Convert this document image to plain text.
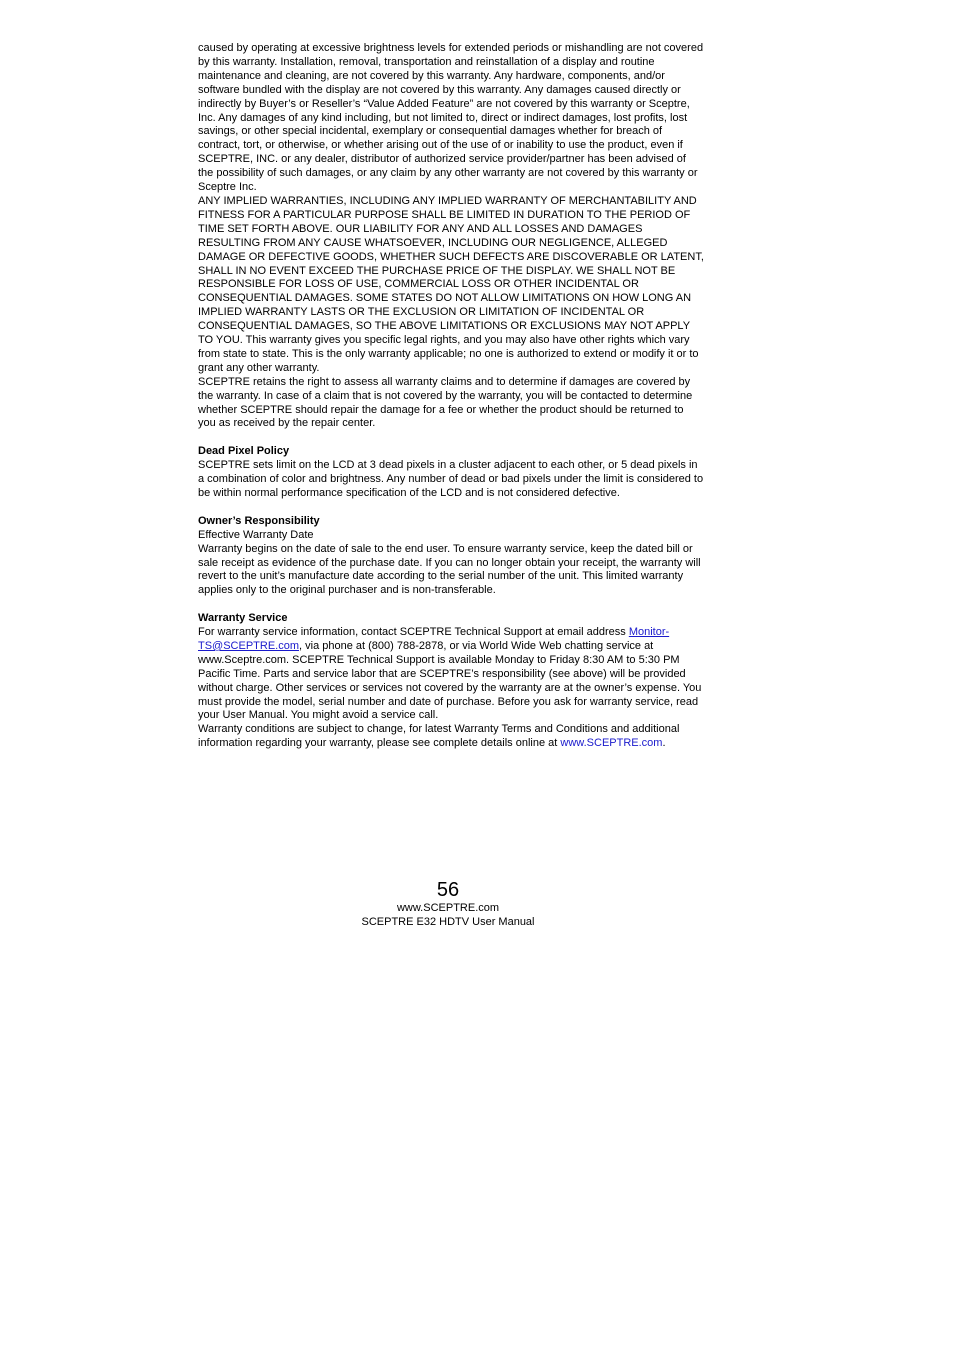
caused by operating at excessive brightness levels for extended periods or mishandling are not covered by this warranty. Installation, removal, transportation and reinstallation of a display and routine maintenance and cleaning, are not covered by this warranty. Any hardware, components, and/or software bundled with the display are not covered by this warranty. Any damages caused directly or indirectly by Buyer’s or Reseller’s “Value Added Feature” are not covered by this warranty or Sceptre, Inc. Any damages of any kind including, but not limited to, direct or indirect damages, lost profits, lost savings, or other special incidental, exemplary or consequential damages whether for breach of contract, tort, or otherwise, or whether arising out of the use of or inability to use the product, even if SCEPTRE, INC. or any dealer, distributor of authorized service provider/partner has been advised of the possibility of such damages, or any claim by any other warranty are not covered by this warranty or Sceptre Inc.

ANY IMPLIED WARRANTIES, INCLUDING ANY IMPLIED WARRANTY OF MERCHANTABILITY AND FITNESS FOR A PARTICULAR PURPOSE SHALL BE LIMITED IN DURATION TO THE PERIOD OF TIME SET FORTH ABOVE. OUR LIABILITY FOR ANY AND ALL LOSSES AND DAMAGES RESULTING FROM ANY CAUSE WHATSOEVER, INCLUDING OUR NEGLIGENCE, ALLEGED DAMAGE OR DEFECTIVE GOODS, WHETHER SUCH DEFECTS ARE DISCOVERABLE OR LATENT, SHALL IN NO EVENT EXCEED THE PURCHASE PRICE OF THE DISPLAY. WE SHALL NOT BE RESPONSIBLE FOR LOSS OF USE, COMMERCIAL LOSS OR OTHER INCIDENTAL OR CONSEQUENTIAL DAMAGES. SOME STATES DO NOT ALLOW LIMITATIONS ON HOW LONG AN IMPLIED WARRANTY LASTS OR THE EXCLUSION OR LIMITATION OF INCIDENTAL OR CONSEQUENTIAL DAMAGES, SO THE ABOVE LIMITATIONS OR EXCLUSIONS MAY NOT APPLY TO YOU. This warranty gives you specific legal rights, and you may also have other rights which vary from state to state. This is the only warranty applicable; no one is authorized to extend or modify it or to grant any other warranty.

SCEPTRE retains the right to assess all warranty claims and to determine if damages are covered by the warranty. In case of a claim that is not covered by the warranty, you will be contacted to determine whether SCEPTRE should repair the damage for a fee or whether the product should be returned to you as received by the repair center.

Dead Pixel Policy

SCEPTRE sets limit on the LCD at 3 dead pixels in a cluster adjacent to each other, or 5 dead pixels in a combination of color and brightness. Any number of dead or bad pixels under the limit is considered to be within normal performance specification of the LCD and is not considered defective.

Owner’s Responsibility

Effective Warranty Date

Warranty begins on the date of sale to the end user. To ensure warranty service, keep the dated bill or sale receipt as evidence of the purchase date. If you can no longer obtain your receipt, the warranty will revert to the unit’s manufacture date according to the serial number of the unit. This limited warranty applies only to the original purchaser and is non-transferable.

Warranty Service

For warranty service information, contact SCEPTRE Technical Support at email address Monitor-TS@SCEPTRE.com, via phone at (800) 788-2878, or via World Wide Web chatting service at www.Sceptre.com. SCEPTRE Technical Support is available Monday to Friday 8:30 AM to 5:30 PM Pacific Time. Parts and service labor that are SCEPTRE’s responsibility (see above) will be provided without charge. Other services or services not covered by the warranty are at the owner’s expense. You must provide the model, serial number and date of purchase. Before you ask for warranty service, read your User Manual. You might avoid a service call.

Warranty conditions are subject to change, for latest Warranty Terms and Conditions and additional information regarding your warranty, please see complete details online at www.SCEPTRE.com.

56
www.SCEPTRE.com
SCEPTRE E32 HDTV User Manual
